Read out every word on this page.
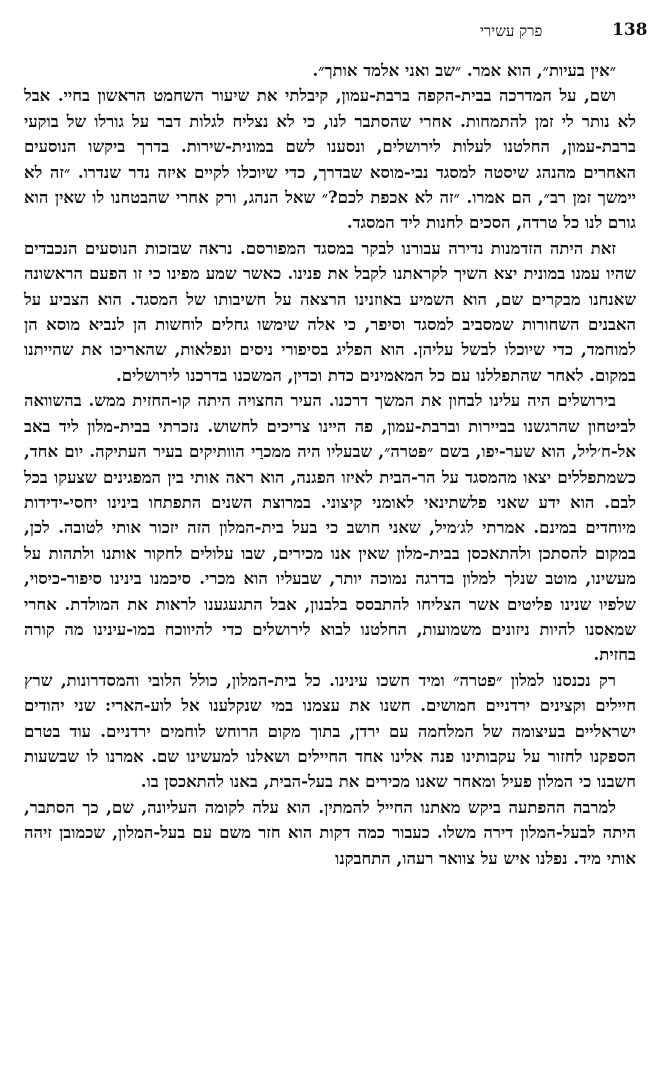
138
פרק עשירי

״אין בעיות״, הוא אמר. ״שב ואני אלמד אותך״.

ושם, על המדרכה בבית-הקפה ברבת-עמון, קיבלתי את שיעור השחמט הראשון בחיי. אבל לא נותר לי זמן להתמחות. אחרי שהסתבר לנו, כי לא נצליח לגלות דבר על גורלו של בוקעי ברבת-עמון, החלטנו לעלות לירושלים, ונסענו לשם במונית-שירות. בדרך ביקשו הנוסעים האחרים מהנהג שיסטה למסגד נבי-מוסא שבדרך, כדי שיוכלו לקיים איזה נדר שנדרו. ״זה לא יימשך זמן רב״, הם אמרו. ״זה לא אכפת לכם?״ שאל הנהג, ורק אחרי שהבטחנו לו שאין הוא גורם לנו כל טרדה, הסכים לחנות ליד המסגד.

זאת היתה הזדמנות נדירה עבורנו לבקר במסגד המפורסם. נראה שבזכות הנוסעים הנכבדים שהיו עמנו במונית יצא השיך לקראתנו לקבל את פנינו. כאשר שמע מפינו כי זו הפעם הראשונה שאנחנו מבקרים שם, הוא השמיע באוזנינו הרצאה על חשיבותו של המסגד. הוא הצביע על האבנים השחורות שמסביב למסגד וסיפר, כי אלה שימשו גחלים לוחשות הן לנביא מוסא הן למוחמד, כדי שיוכלו לבשל עליהן. הוא הפליג בסיפורי ניסים ונפלאות, שהאריכו את שהייתנו במקום. לאחר שהתפללנו עם כל המאמינים כדת וכדין, המשכנו בדרכנו לירושלים.

בירושלים היה עלינו לבחון את המשך דרכנו. העיר החצויה היתה קו-החזית ממש. בהשוואה לביטחון שהרגשנו בביירות וברבת-עמון, פה היינו צריכים לחשוש. נזכרתי בבית-מלון ליד באב אל-ח׳ליל, הוא שער-יפו, בשם ״פטרה״, שבעליו היה ממכרַי הוותיקים בעיר העתיקה. יום אחד, כשמתפללים יצאו מהמסגד על הר-הבית לאיזו הפגנה, הוא ראה אותי בין המפגינים שצעקו בכל לבם. הוא ידע שאני פלשתינאי לאומני קיצוני. במרוצת השנים התפתחו בינינו יחסי-ידידות מיוחדים במינם. אמרתי לג׳מיל, שאני חושב כי בעל בית-המלון הזה יזכור אותי לטובה. לכן, במקום להסתכן ולהתאכסן בבית-מלון שאין אנו מכירים, שבו עלולים לחקור אותנו ולתהות על מעשינו, מוטב שנלך למלון בדרגה נמוכה יותר, שבעליו הוא מכרי. סיכמנו בינינו סיפור-כיסוי, שלפיו שנינו פליטים אשר הצליחו להתבסס בלבנון, אבל התגעגענו לראות את המולדת. אחרי שמאסנו להיות ניזונים משמועות, החלטנו לבוא לירושלים כדי להיווכח במו-עינינו מה קורה בחזית.

רק נכנסנו למלון ״פטרה״ ומיד חשכו עינינו. כל בית-המלון, כולל הלובי והמסדרונות, שרץ חיילים וקצינים ירדניים חמושים. חשנו את עצמנו במי שנקלענו אל לוע-הארי: שני יהודים ישראליים בעיצומה של המלחמה עם ירדן, בתוך מקום הרוחש לוחמים ירדניים. עוד בטרם הספקנו לחזור על עקבותינו פנה אלינו אחד החיילים ושאלנו למעשינו שם. אמרנו לו שבשעות חשבנו כי המלון פעיל ומאחר שאנו מכירים את בעל-הבית, באנו להתאכסן בו.

למרבה ההפתעה ביקש מאתנו החייל להמתין. הוא עלה לקומה העליונה, שם, כך הסתבר, היתה לבעל-המלון דירה משלו. כעבור כמה דקות הוא חזר משם עם בעל-המלון, שכמובן זיהה אותי מיד. נפלנו איש על צוואר רעהו, התחבקנו
